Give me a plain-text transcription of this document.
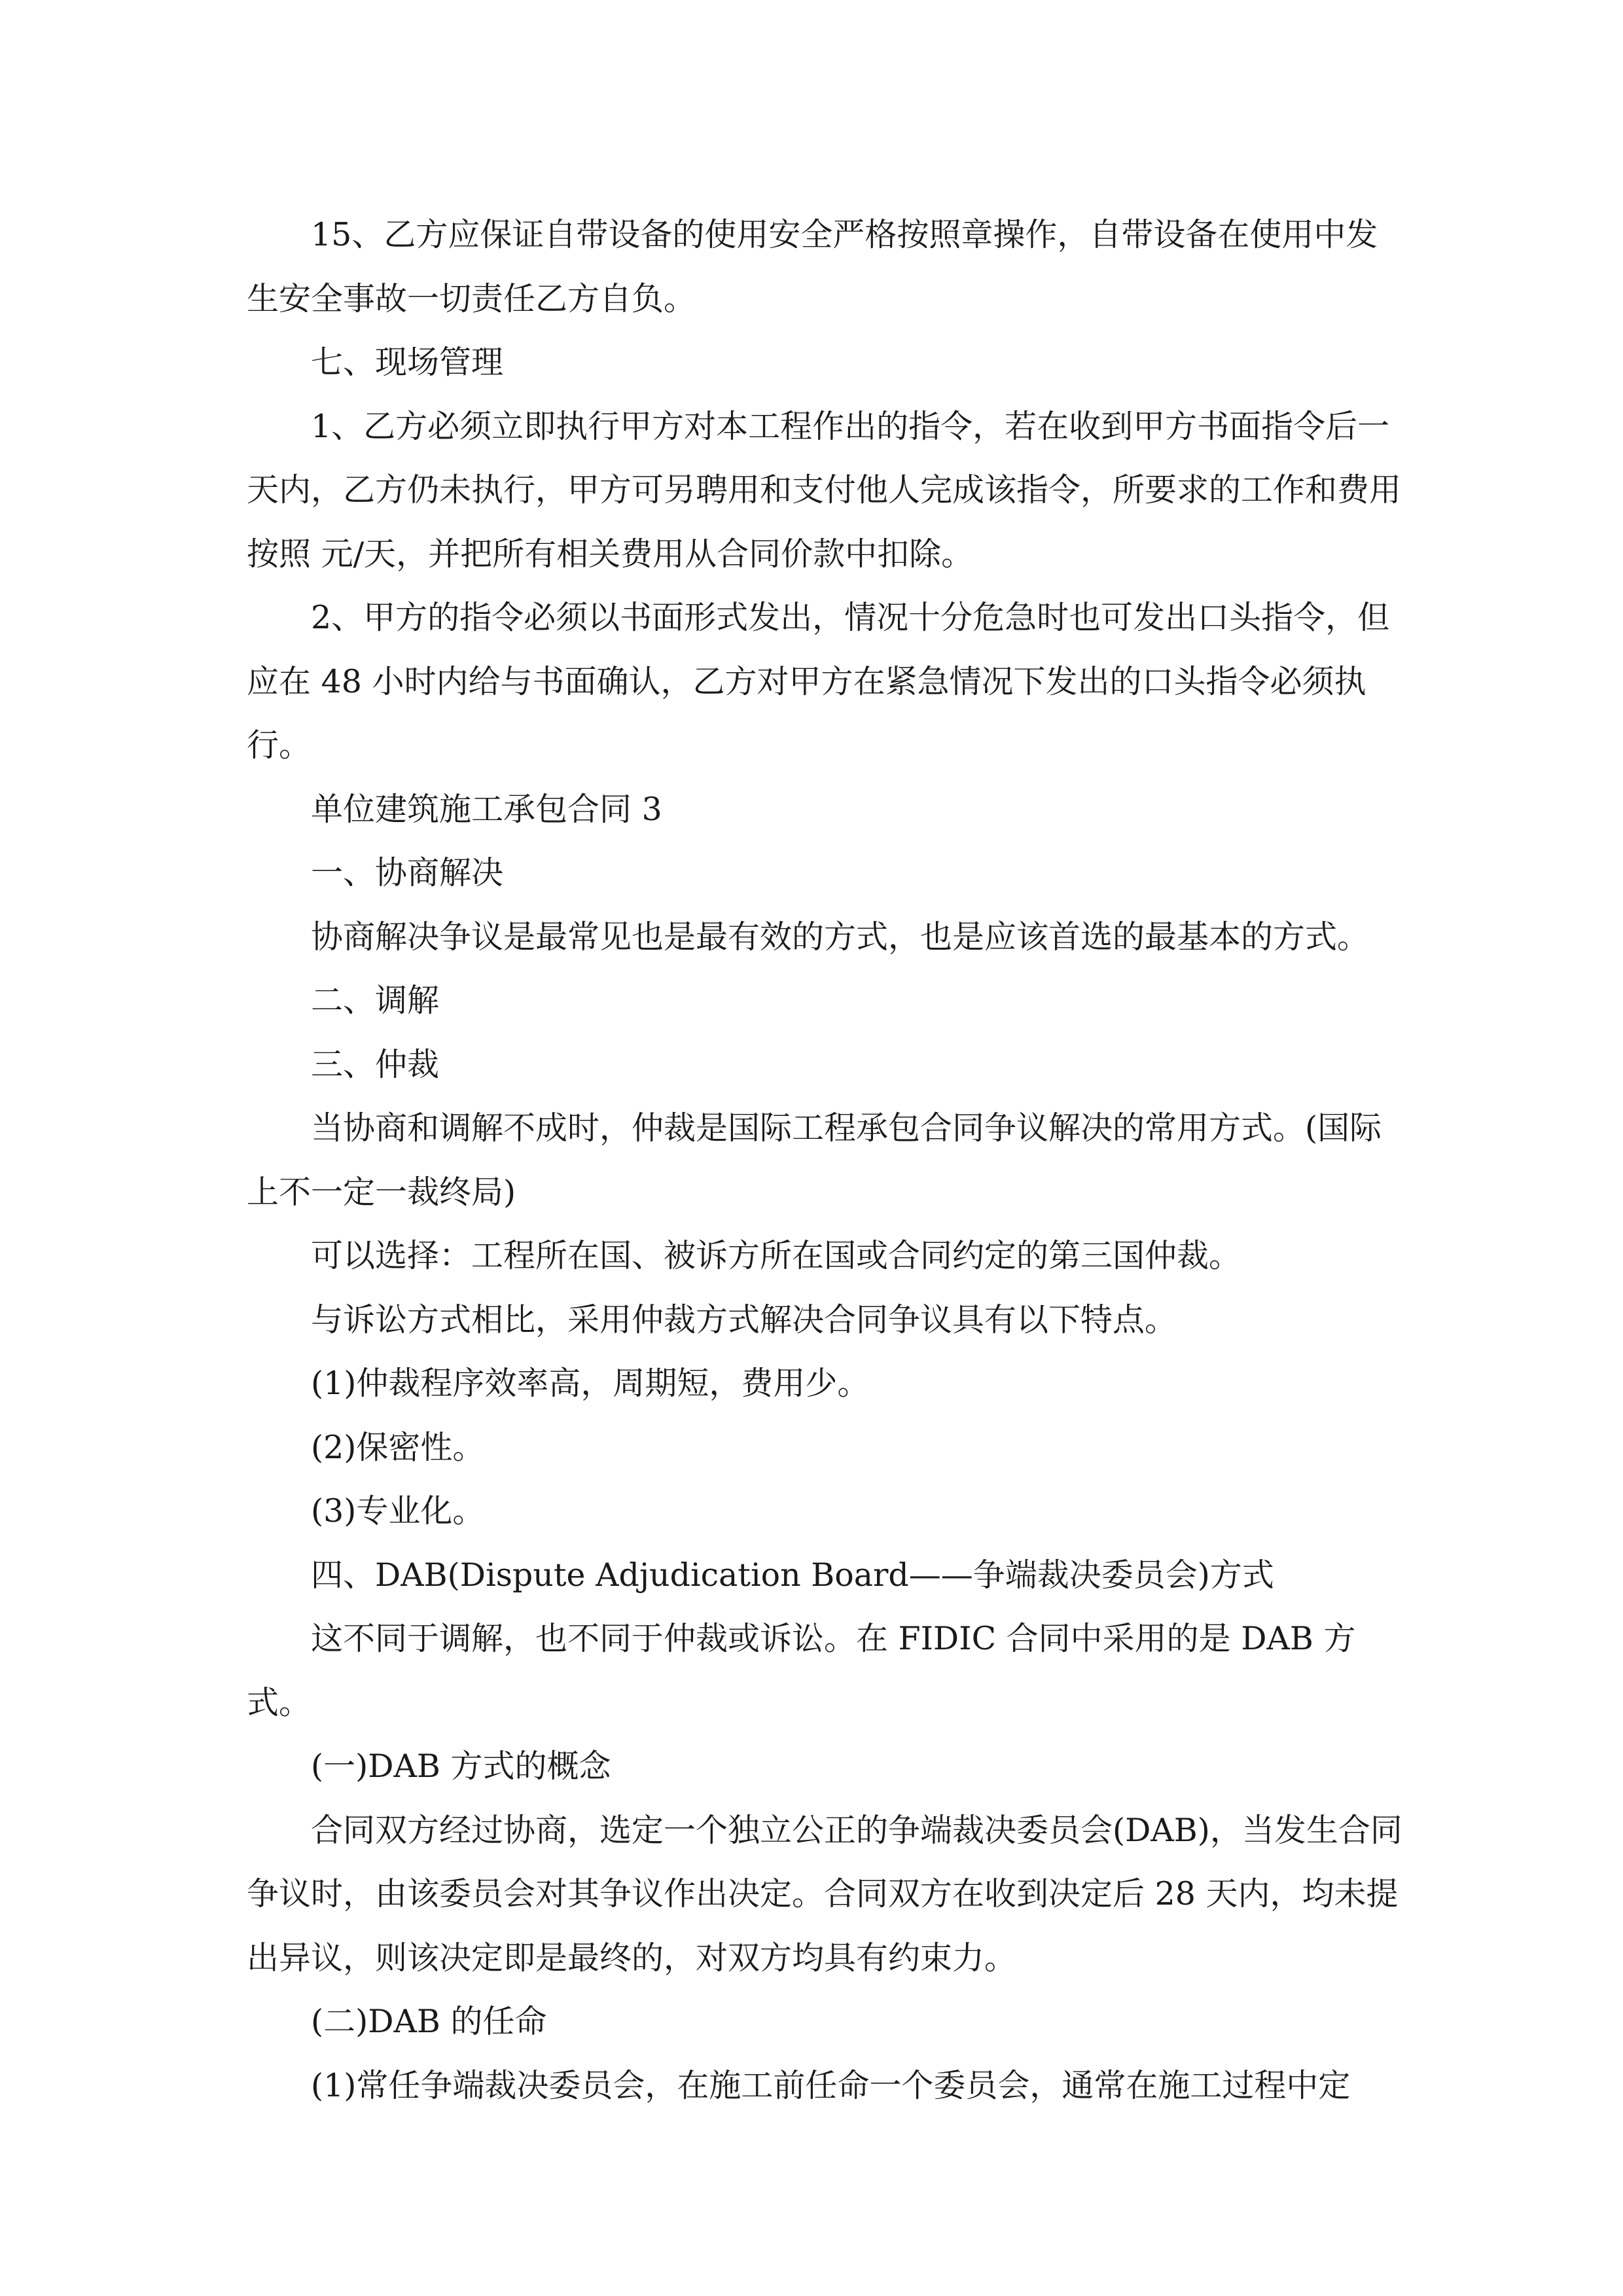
15、乙方应保证自带设备的使用安全严格按照章操作，自带设备在使用中发生安全事故一切责任乙方自负。

七、现场管理

1、乙方必须立即执行甲方对本工程作出的指令，若在收到甲方书面指令后一天内，乙方仍未执行，甲方可另聘用和支付他人完成该指令，所要求的工作和费用按照 元/天，并把所有相关费用从合同价款中扣除。

2、甲方的指令必须以书面形式发出，情况十分危急时也可发出口头指令，但应在 48 小时内给与书面确认，乙方对甲方在紧急情况下发出的口头指令必须执行。

单位建筑施工承包合同 3

一、协商解决

协商解决争议是最常见也是最有效的方式，也是应该首选的最基本的方式。

二、调解

三、仲裁

当协商和调解不成时，仲裁是国际工程承包合同争议解决的常用方式。(国际上不一定一裁终局)

可以选择：工程所在国、被诉方所在国或合同约定的第三国仲裁。

与诉讼方式相比，采用仲裁方式解决合同争议具有以下特点。

(1)仲裁程序效率高，周期短，费用少。

(2)保密性。

(3)专业化。

四、DAB(Dispute Adjudication Board——争端裁决委员会)方式

这不同于调解，也不同于仲裁或诉讼。在 FIDIC 合同中采用的是 DAB 方式。

(一)DAB 方式的概念

合同双方经过协商，选定一个独立公正的争端裁决委员会(DAB)，当发生合同争议时，由该委员会对其争议作出决定。合同双方在收到决定后 28 天内，均未提出异议，则该决定即是最终的，对双方均具有约束力。

(二)DAB 的任命

(1)常任争端裁决委员会，在施工前任命一个委员会，通常在施工过程中定
